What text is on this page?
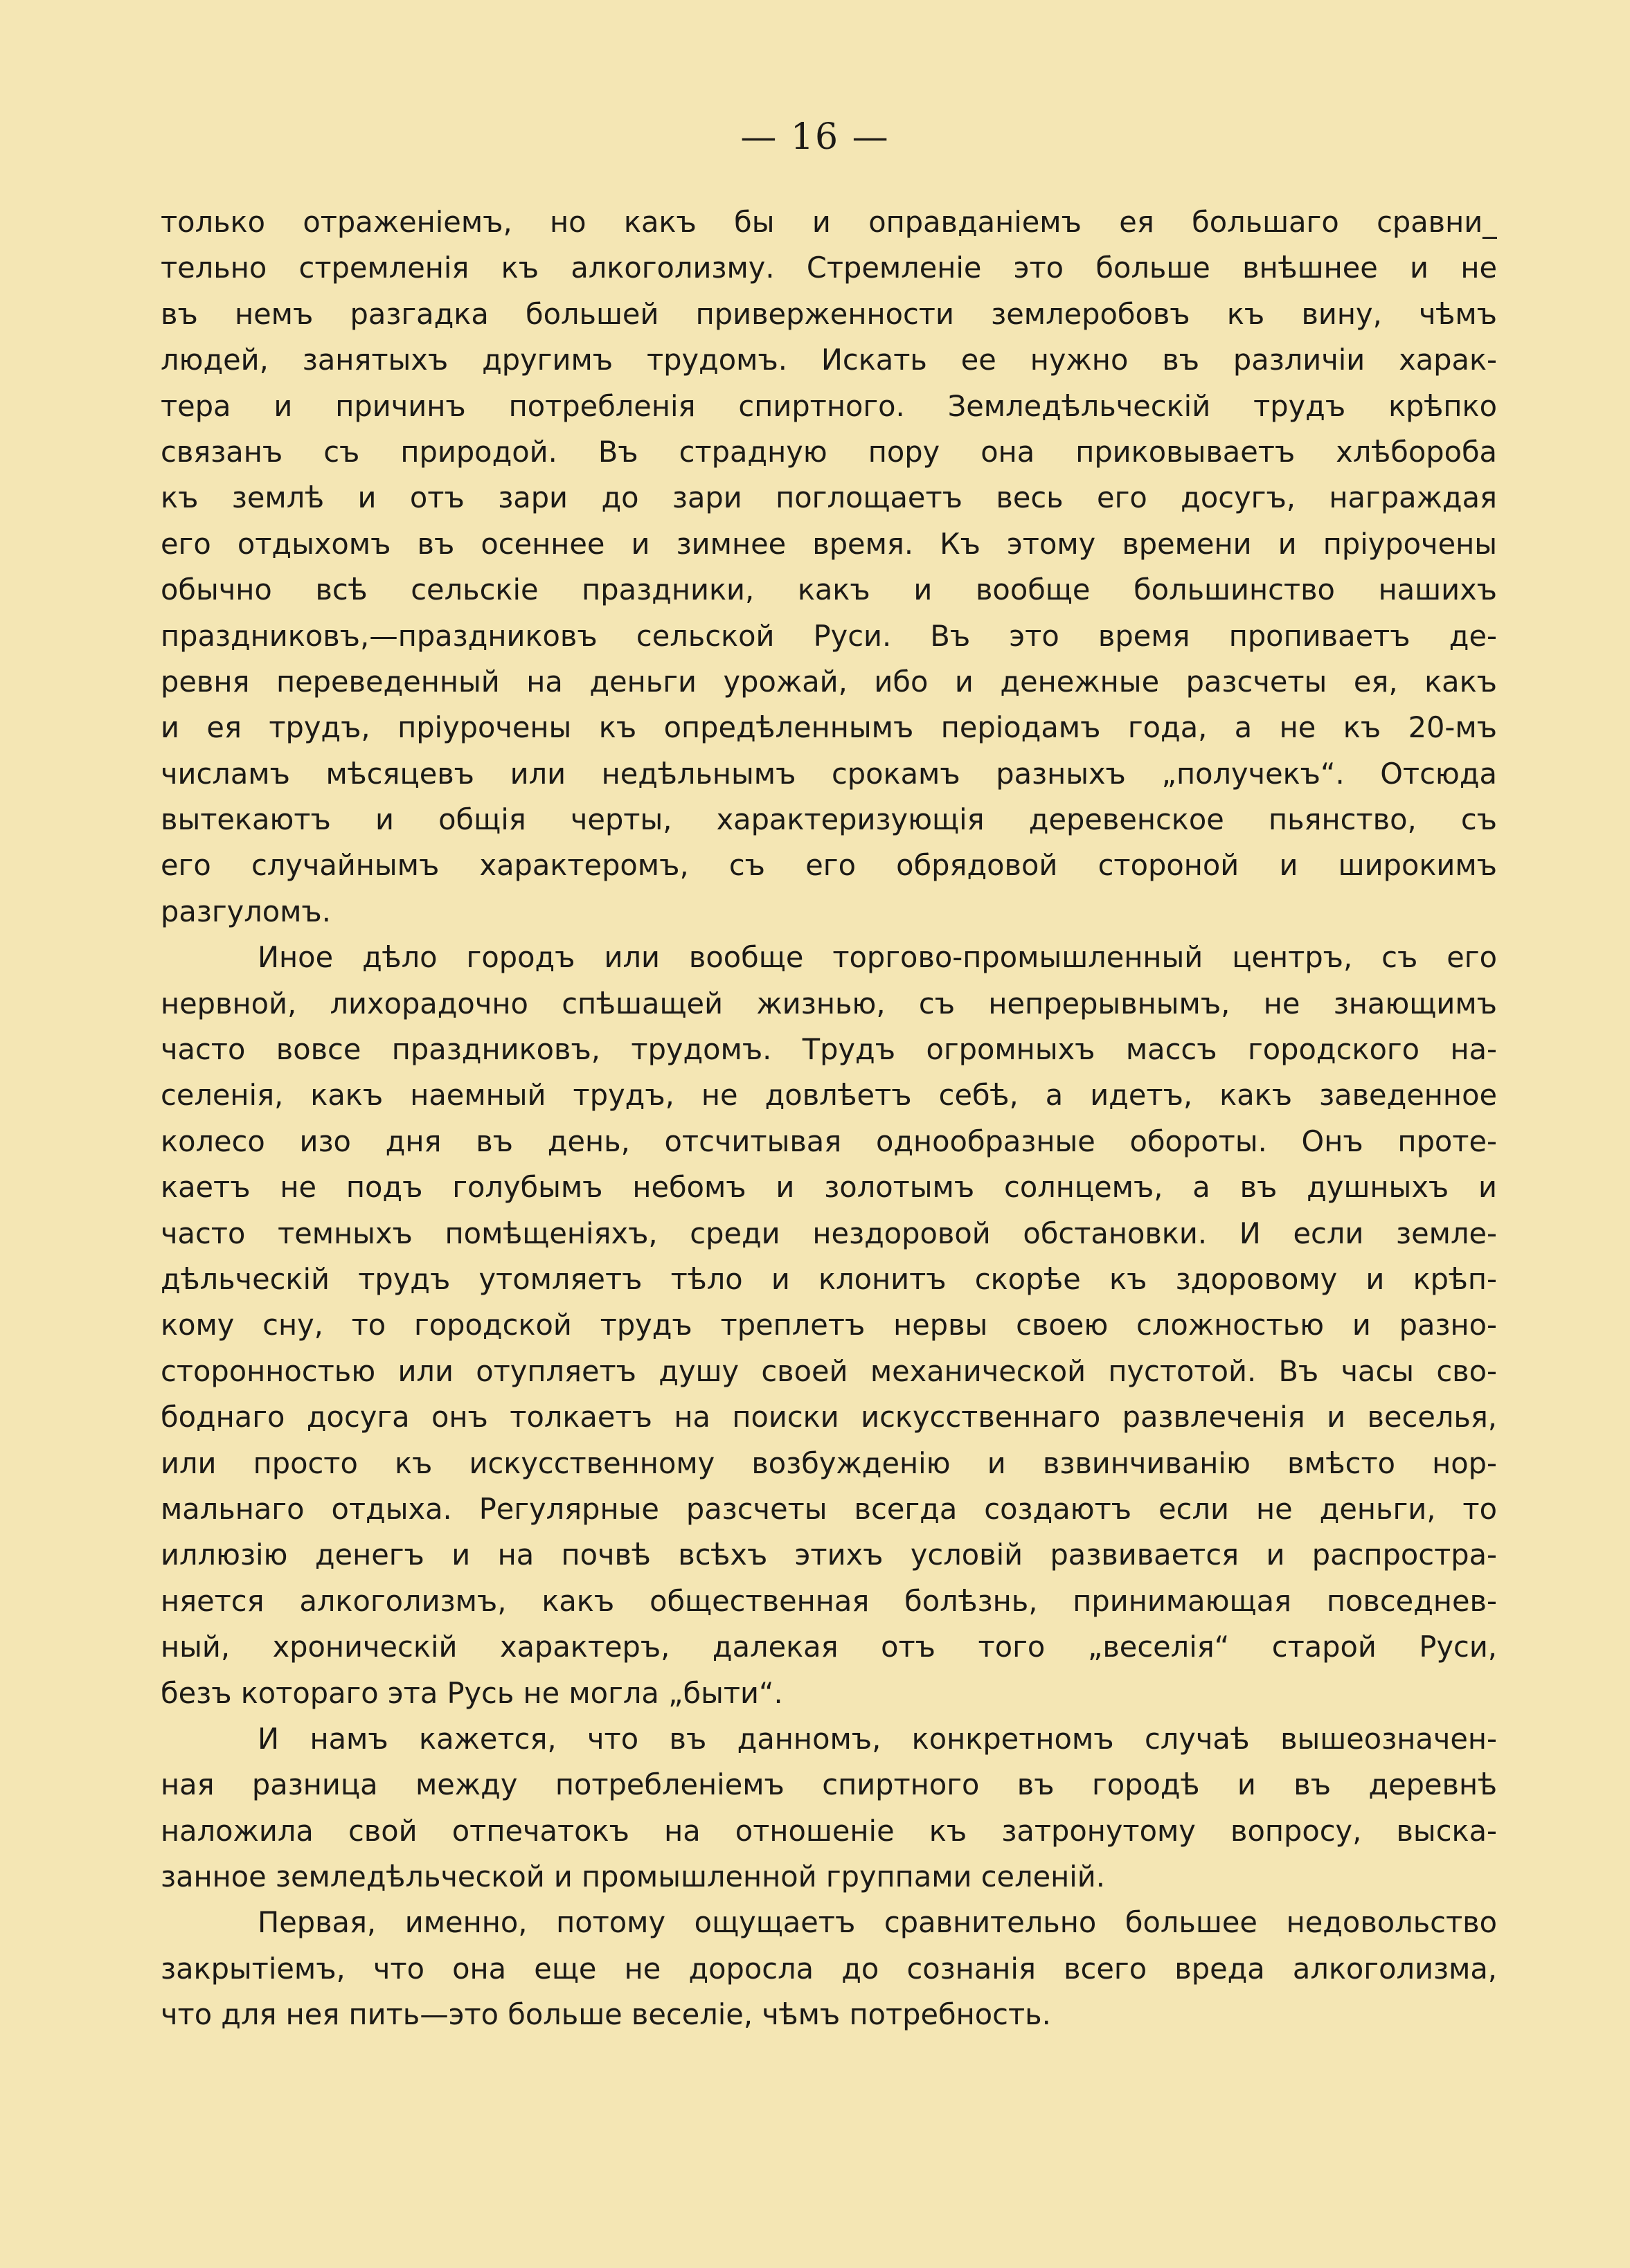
— 16 —
только отраженіемъ, но какъ бы и оправданіемъ ея большаго сравни_
тельно стремленія къ алкоголизму. Стремленіе это больше внѣшнее и не
въ немъ разгадка большей приверженности землеробовъ къ вину, чѣмъ
людей, занятыхъ другимъ трудомъ. Искать ее нужно въ различіи харак-
тера и причинъ потребленія спиртного. Земледѣльческій трудъ крѣпко
связанъ съ природой. Въ страдную пору она приковываетъ хлѣбороба
къ землѣ и отъ зари до зари поглощаетъ весь его досугъ, награждая
его отдыхомъ въ осеннее и зимнее время. Къ этому времени и пріурочены
обычно всѣ сельскіе праздники, какъ и вообще большинство нашихъ
праздниковъ,—праздниковъ сельской Руси. Въ это время пропиваетъ де-
ревня переведенный на деньги урожай, ибо и денежные разсчеты ея, какъ
и ея трудъ, пріурочены къ опредѣленнымъ періодамъ года, а не къ 20-мъ
числамъ мѣсяцевъ или недѣльнымъ срокамъ разныхъ „получекъ“. Отсюда
вытекаютъ и общія черты, характеризующія деревенское пьянство, съ
его случайнымъ характеромъ, съ его обрядовой стороной и широкимъ
разгуломъ.
Иное дѣло городъ или вообще торгово-промышленный центръ, съ его
нервной, лихорадочно спѣшащей жизнью, съ непрерывнымъ, не знающимъ
часто вовсе праздниковъ, трудомъ. Трудъ огромныхъ массъ городского на-
селенія, какъ наемный трудъ, не довлѣетъ себѣ, а идетъ, какъ заведенное
колесо изо дня въ день, отсчитывая однообразные обороты. Онъ проте-
каетъ не подъ голубымъ небомъ и золотымъ солнцемъ, а въ душныхъ и
часто темныхъ помѣщеніяхъ, среди нездоровой обстановки. И если земле-
дѣльческій трудъ утомляетъ тѣло и клонитъ скорѣе къ здоровому и крѣп-
кому сну, то городской трудъ треплетъ нервы своею сложностью и разно-
сторонностью или отупляетъ душу своей механической пустотой. Въ часы сво-
боднаго досуга онъ толкаетъ на поиски искусственнаго развлеченія и веселья,
или просто къ искусственному возбужденію и взвинчиванію вмѣсто нор-
мальнаго отдыха. Регулярные разсчеты всегда создаютъ если не деньги, то
иллюзію денегъ и на почвѣ всѣхъ этихъ условій развивается и распростра-
няется алкоголизмъ, какъ общественная болѣзнь, принимающая повседнев-
ный, хроническій характеръ, далекая отъ того „веселія“ старой Руси,
безъ котораго эта Русь не могла „быти“.
И намъ кажется, что въ данномъ, конкретномъ случаѣ вышеозначен-
ная разница между потребленіемъ спиртного въ городѣ и въ деревнѣ
наложила свой отпечатокъ на отношеніе къ затронутому вопросу, выска-
занное земледѣльческой и промышленной группами селеній.
Первая, именно, потому ощущаетъ сравнительно большее недовольство
закрытіемъ, что она еще не доросла до сознанія всего вреда алкоголизма,
что для нея пить—это больше веселіе, чѣмъ потребность.
